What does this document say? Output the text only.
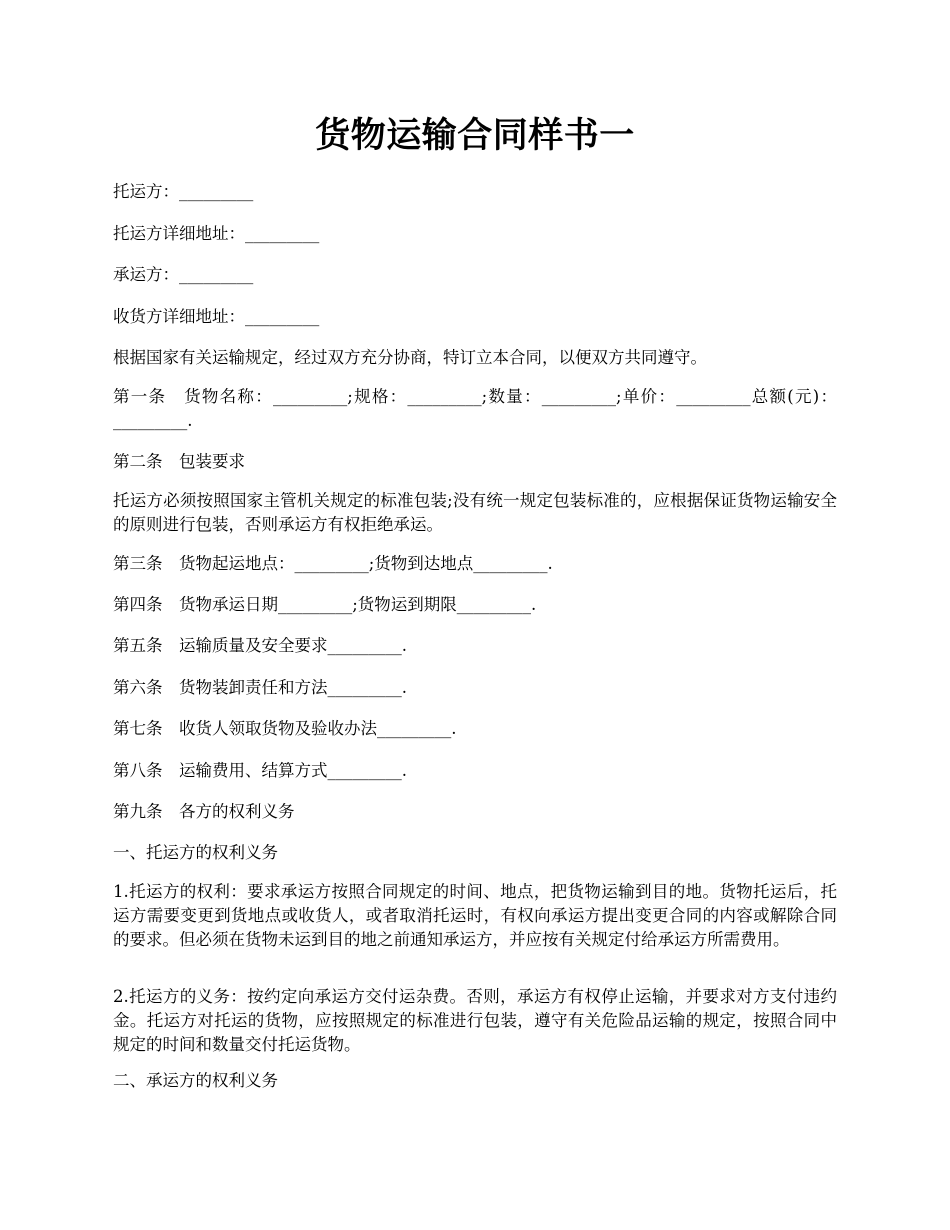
货物运输合同样书一

托运方：_________

托运方详细地址：_________

承运方：_________

收货方详细地址：_________

根据国家有关运输规定，经过双方充分协商，特订立本合同，以便双方共同遵守。

第一条　货物名称：_________;规格：_________;数量：_________;单价：_________总额(元)：_________.

第二条　包装要求

托运方必须按照国家主管机关规定的标准包装;没有统一规定包装标准的，应根据保证货物运输安全的原则进行包装，否则承运方有权拒绝承运。

第三条　货物起运地点：_________;货物到达地点_________.

第四条　货物承运日期_________;货物运到期限_________.

第五条　运输质量及安全要求_________.

第六条　货物装卸责任和方法_________.

第七条　收货人领取货物及验收办法_________.

第八条　运输费用、结算方式_________.

第九条　各方的权利义务

一、托运方的权利义务

1.托运方的权利：要求承运方按照合同规定的时间、地点，把货物运输到目的地。货物托运后，托运方需要变更到货地点或收货人，或者取消托运时，有权向承运方提出变更合同的内容或解除合同的要求。但必须在货物未运到目的地之前通知承运方，并应按有关规定付给承运方所需费用。

2.托运方的义务：按约定向承运方交付运杂费。否则，承运方有权停止运输，并要求对方支付违约金。托运方对托运的货物，应按照规定的标准进行包装，遵守有关危险品运输的规定，按照合同中规定的时间和数量交付托运货物。

二、承运方的权利义务
